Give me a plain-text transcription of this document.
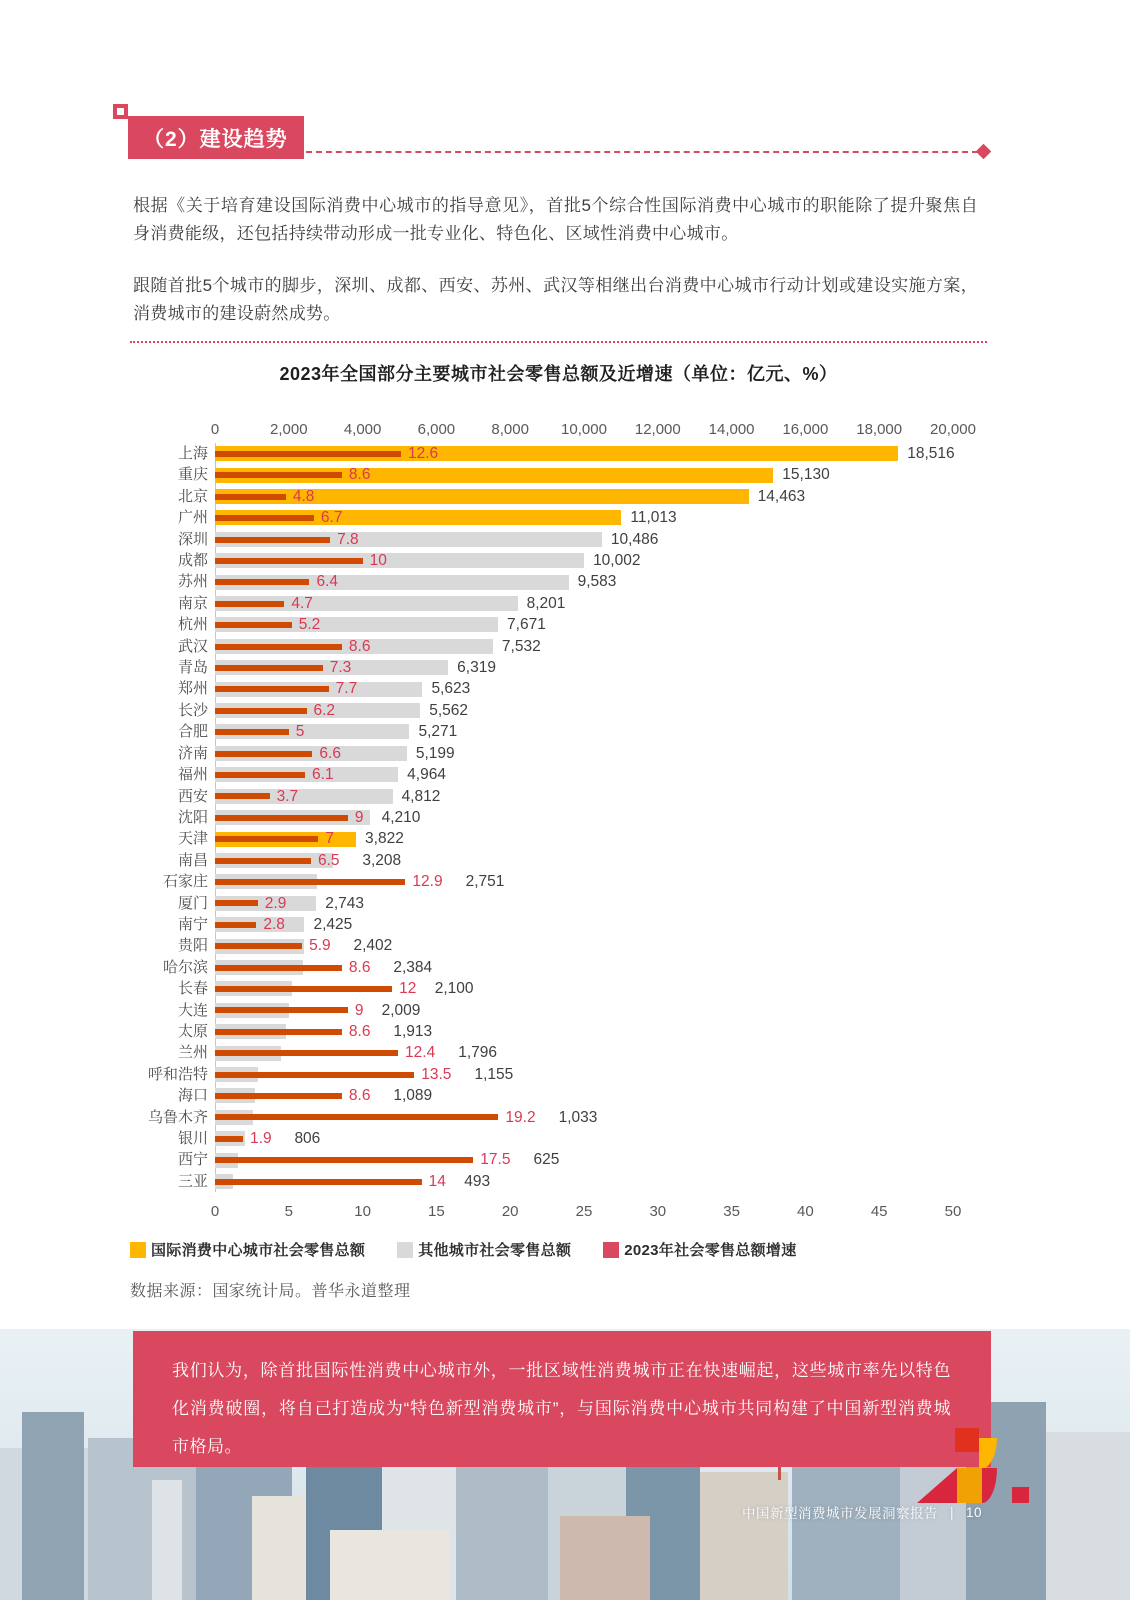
（2）建设趋势

根据《关于培育建设国际消费中心城市的指导意见》，首批5个综合性国际消费中心城市的职能除了提升聚焦自身消费能级，还包括持续带动形成一批专业化、特色化、区域性消费中心城市。

跟随首批5个城市的脚步，深圳、成都、西安、苏州、武汉等相继出台消费中心城市行动计划或建设实施方案，消费城市的建设蔚然成势。

2023年全国部分主要城市社会零售总额及近增速（单位：亿元、%）
0	2,000 4,000 6,000 8,000 10,000 12,000 14,000 16,000 18,000 20,000
上海	12.6	18,516
重庆	8.6	15,130
北京	4.8	14,463
广州	6.7	11,013
深圳	7.8	10,486
成都	10	10,002
苏州	6.4	9,583
南京	4.7	8,201
杭州	5.2	7,671
武汉	8.6	7,532
青岛	7.3	6,319
郑州	7.7	5,623
长沙	6.2	5,562
合肥	5	5,271
济南	6.6	5,199
福州	6.1	4,964
西安	3.7	4,812
沈阳	9 4,210
天津	7 3,822
南昌	6.5 3,208
石家庄	12.9 2,751
厦门	2.9	2,743
南宁	2.8 2,425
贵阳	5.9 2,402
哈尔滨	8.6 2,384
长春	12 2,100
大连	9 2,009
太原	8.6 1,913
兰州	12.4 1,796
呼和浩特	13.5 1,155
海口	8.6 1,089
乌鲁木齐	19.2 1,033
银川	1.9 806
西宁	17.5 625
三亚	14 493
0	5	10	15	20	25	30	35	40	45	50
国际消费中心城市社会零售总额	其他城市社会零售总额	2023年社会零售总额增速
数据来源：国家统计局。普华永道整理

我们认为，除首批国际性消费中心城市外，一批区域性消费城市正在快速崛起，这些城市率先以特色化消费破圈，将自己打造成为“特色新型消费城市”，与国际消费中心城市共同构建了中国新型消费城市格局。

中国新型消费城市发展洞察报告 | 10
